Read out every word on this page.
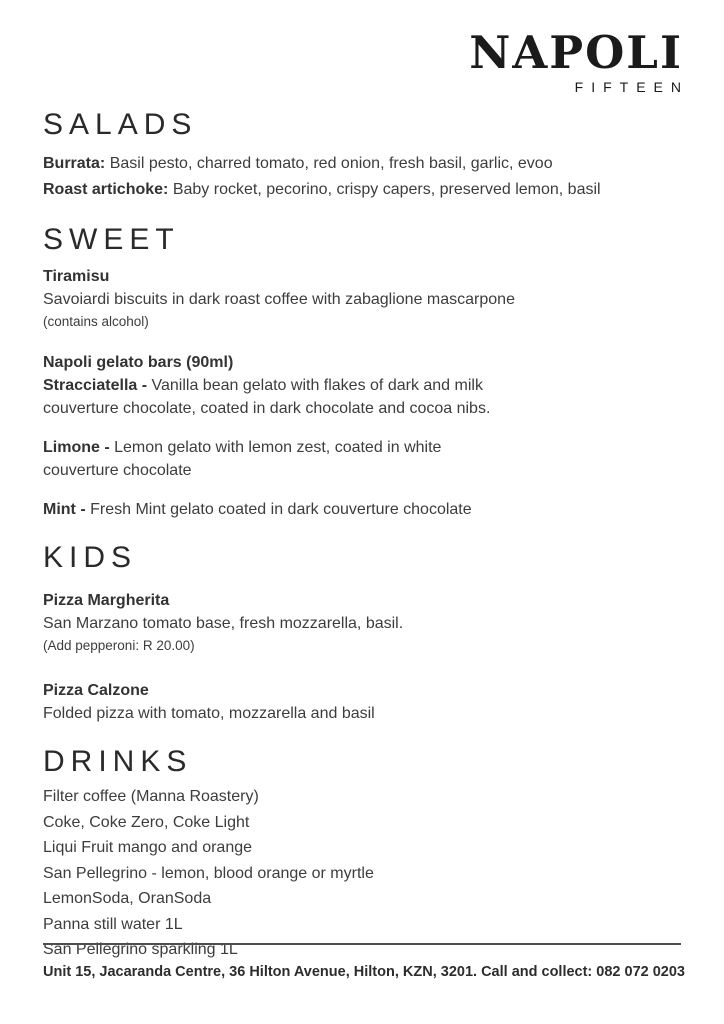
NAPOLI
FIFTEEN
SALADS

Burrata: Basil pesto, charred tomato, red onion, fresh basil, garlic, evoo

Roast artichoke: Baby rocket, pecorino, crispy capers, preserved lemon, basil

SWEET

Tiramisu

Savoiardi biscuits in dark roast coffee with zabaglione mascarpone

(contains alcohol)

Napoli gelato bars (90ml)

Stracciatella - Vanilla bean gelato with flakes of dark and milk couverture chocolate, coated in dark chocolate and cocoa nibs.

Limone - Lemon gelato with lemon zest, coated in white couverture chocolate

Mint - Fresh Mint gelato coated in dark couverture chocolate

KIDS

Pizza Margherita

San Marzano tomato base, fresh mozzarella, basil.

(Add pepperoni: R 20.00)

Pizza Calzone

Folded pizza with tomato, mozzarella and basil

DRINKS

Filter coffee (Manna Roastery)

Coke, Coke Zero, Coke Light

Liqui Fruit mango and orange

San Pellegrino - lemon, blood orange or myrtle

LemonSoda, OranSoda

Panna still water 1L

San Pellegrino sparkling 1L

Unit 15, Jacaranda Centre, 36 Hilton Avenue, Hilton, KZN, 3201. Call and collect: 082 072 0203
